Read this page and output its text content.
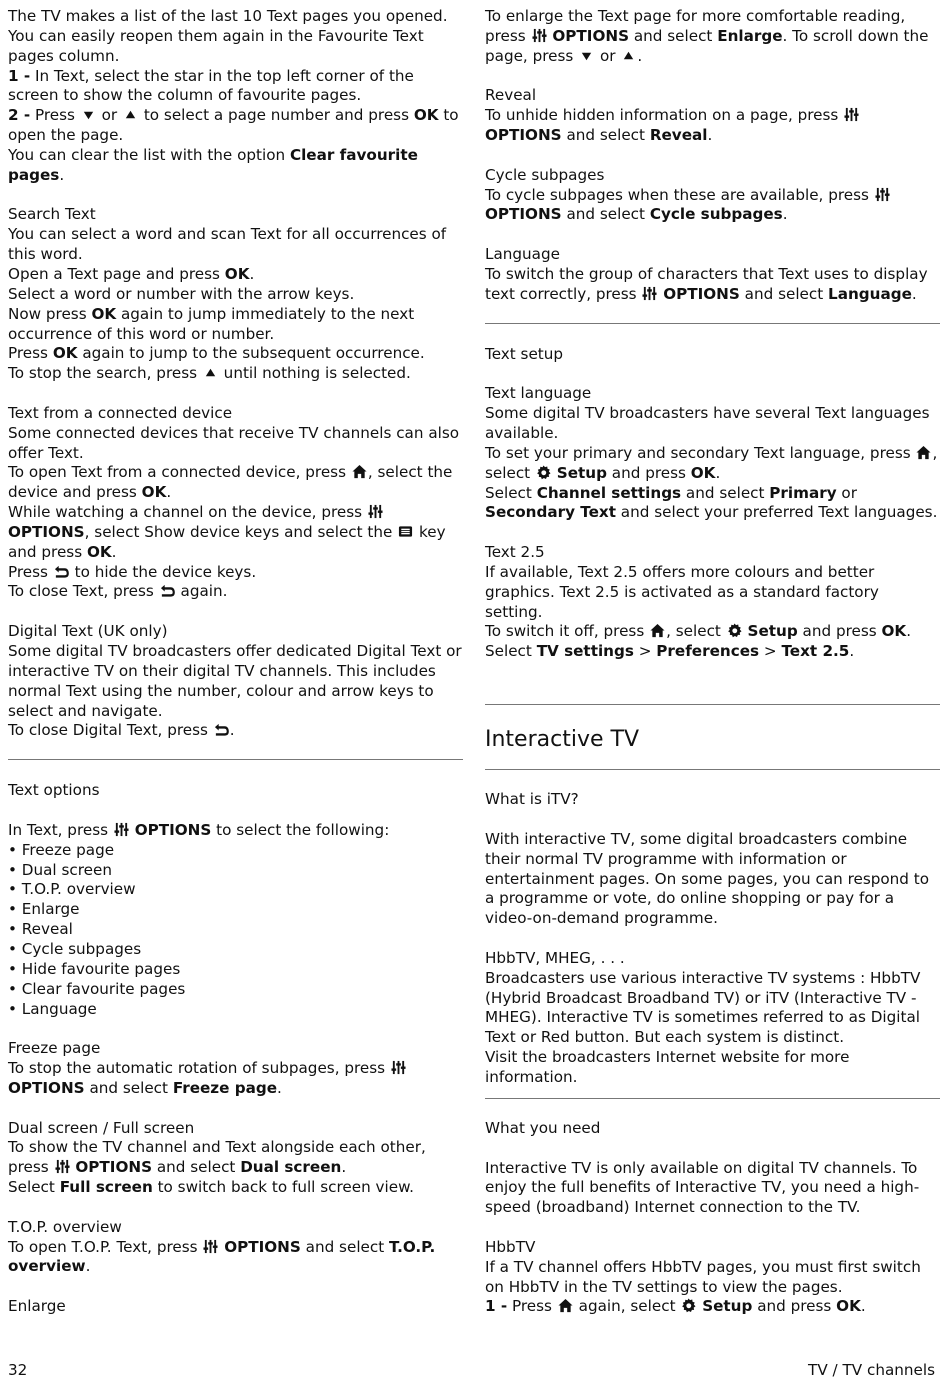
The TV makes a list of the last 10 Text pages you opened. You can easily reopen them again in the Favourite Text pages column.

1 - In Text, select the star in the top left corner of the screen to show the column of favourite pages.

2 - Press
or
to select a page number and press OK to open the page.

You can clear the list with the option Clear favourite pages.

Search Text

You can select a word and scan Text for all occurrences of this word.

Open a Text page and press OK.

Select a word or number with the arrow keys.

Now press OK again to jump immediately to the next occurrence of this word or number.

Press OK again to jump to the subsequent occurrence.

To stop the search, press
until nothing is selected.

Text from a connected device

Some connected devices that receive TV channels can also offer Text.

To open Text from a connected device, press
, select the device and press OK.

While watching a channel on the device, press
OPTIONS, select Show device keys and select the
key and press OK.

Press
to hide the device keys.

To close Text, press
again.

Digital Text (UK only)

Some digital TV broadcasters offer dedicated Digital Text or interactive TV on their digital TV channels. This includes normal Text using the number, colour and arrow keys to select and navigate.

To close Digital Text, press
.

Text options

In Text, press
OPTIONS to select the following:

• Freeze page

• Dual screen

• T.O.P. overview

• Enlarge

• Reveal

• Cycle subpages

• Hide favourite pages

• Clear favourite pages

• Language

Freeze page

To stop the automatic rotation of subpages, press
OPTIONS and select Freeze page.

Dual screen / Full screen

To show the TV channel and Text alongside each other, press
OPTIONS and select Dual screen.

Select Full screen to switch back to full screen view.

T.O.P. overview

To open T.O.P. Text, press
OPTIONS and select T.O.P. overview.

Enlarge

To enlarge the Text page for more comfortable reading, press
OPTIONS and select Enlarge. To scroll down the page, press
or
.

Reveal

To unhide hidden information on a page, press
OPTIONS and select Reveal.

Cycle subpages

To cycle subpages when these are available, press
OPTIONS and select Cycle subpages.

Language

To switch the group of characters that Text uses to display text correctly, press
OPTIONS and select Language.

Text setup

Text language

Some digital TV broadcasters have several Text languages available.

To set your primary and secondary Text language, press
, select
Setup and press OK.

Select Channel settings and select Primary or Secondary Text and select your preferred Text languages.

Text 2.5

If available, Text 2.5 offers more colours and better graphics. Text 2.5 is activated as a standard factory setting.

To switch it off, press
, select
Setup and press OK.

Select TV settings > Preferences > Text 2.5.

Interactive TV

What is iTV?

With interactive TV, some digital broadcasters combine their normal TV programme with information or entertainment pages. On some pages, you can respond to a programme or vote, do online shopping or pay for a video-on-demand programme.

HbbTV, MHEG, . . .

Broadcasters use various interactive TV systems : HbbTV (Hybrid Broadcast Broadband TV) or iTV (Interactive TV - MHEG). Interactive TV is sometimes referred to as Digital Text or Red button. But each system is distinct.

Visit the broadcasters Internet website for more information.

What you need

Interactive TV is only available on digital TV channels. To enjoy the full benefits of Interactive TV, you need a high-speed (broadband) Internet connection to the TV.

HbbTV

If a TV channel offers HbbTV pages, you must first switch on HbbTV in the TV settings to view the pages.

1 - Press
again, select
Setup and press OK.

32	TV / TV channels
